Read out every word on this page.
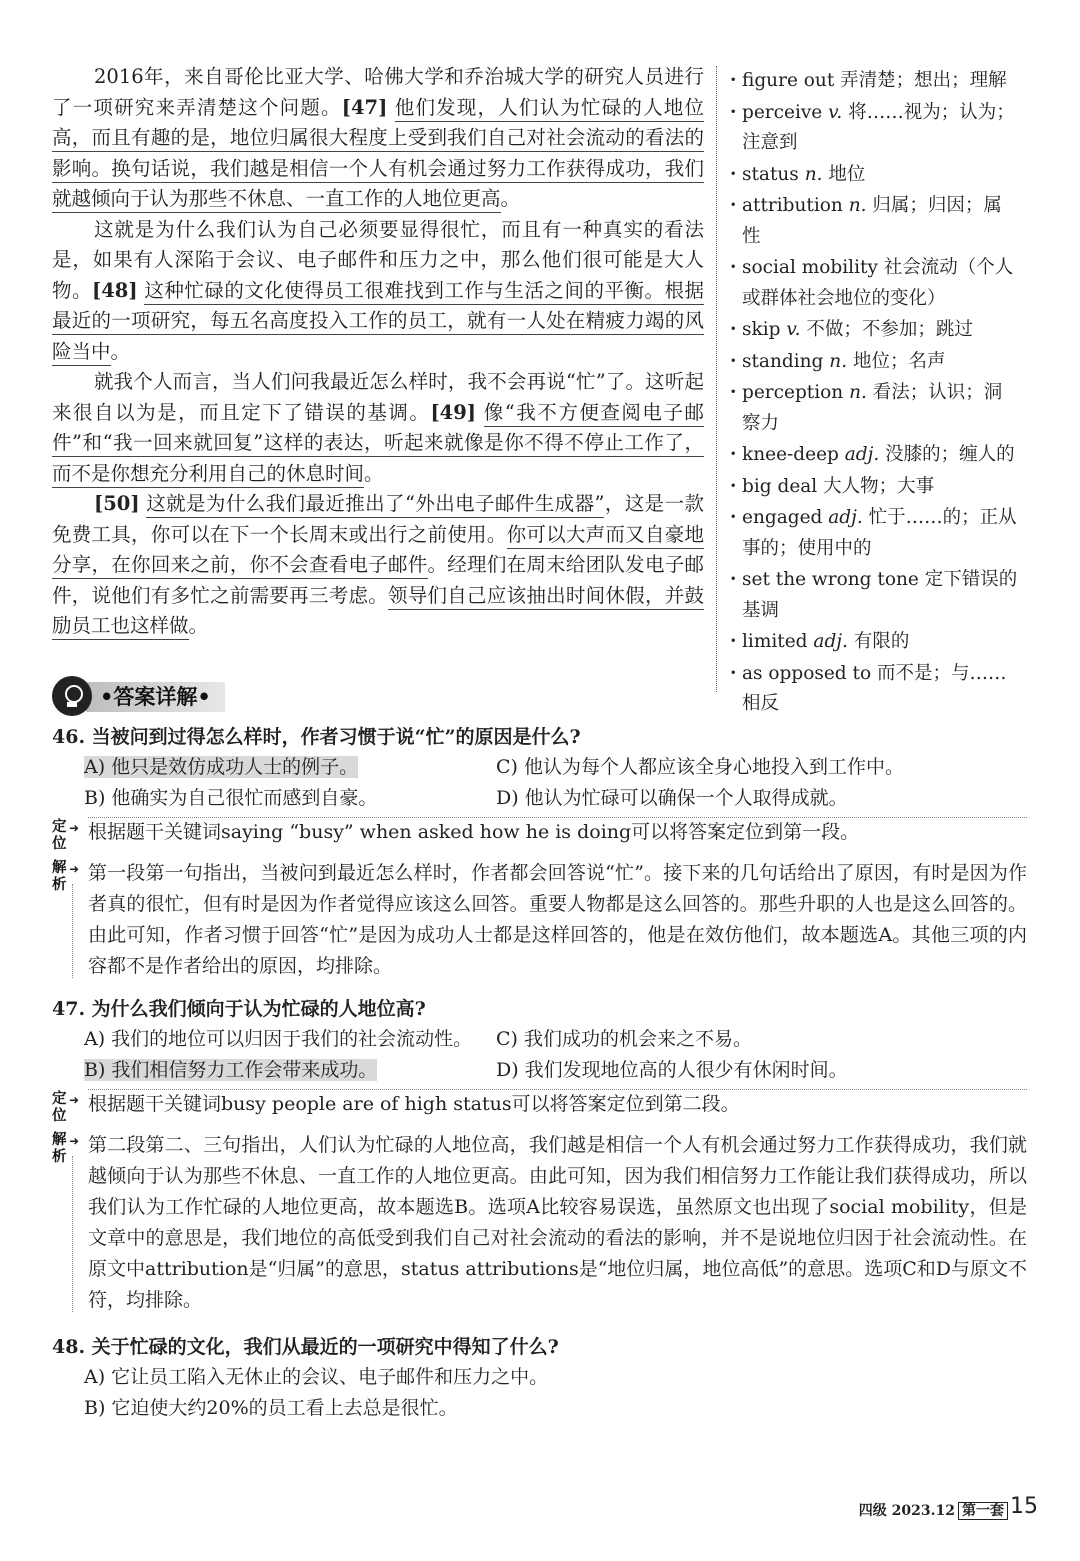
2016年，来自哥伦比亚大学、哈佛大学和乔治城大学的研究人员进行了一项研究来弄清楚这个问题。[47] 他们发现，人们认为忙碌的人地位高，而且有趣的是，地位归属很大程度上受到我们自己对社会流动的看法的影响。换句话说，我们越是相信一个人有机会通过努力工作获得成功，我们就越倾向于认为那些不休息、一直工作的人地位更高。

这就是为什么我们认为自己必须要显得很忙，而且有一种真实的看法是，如果有人深陷于会议、电子邮件和压力之中，那么他们很可能是大人物。[48] 这种忙碌的文化使得员工很难找到工作与生活之间的平衡。根据最近的一项研究，每五名高度投入工作的员工，就有一人处在精疲力竭的风险当中。

就我个人而言，当人们问我最近怎么样时，我不会再说“忙”了。这听起来很自以为是，而且定下了错误的基调。[49] 像“我不方便查阅电子邮件”和“我一回来就回复”这样的表达，听起来就像是你不得不停止工作了，而不是你想充分利用自己的休息时间。

[50] 这就是为什么我们最近推出了“外出电子邮件生成器”，这是一款免费工具，你可以在下一个长周末或出行之前使用。你可以大声而又自豪地分享，在你回来之前，你不会查看电子邮件。经理们在周末给团队发电子邮件，说他们有多忙之前需要再三考虑。领导们自己应该抽出时间休假，并鼓励员工也这样做。

· figure out 弄清楚；想出；理解
· perceive v. 将……视为；认为；注意到
· status n. 地位
· attribution n. 归属；归因；属性
· social mobility 社会流动（个人或群体社会地位的变化）
· skip v. 不做；不参加；跳过
· standing n. 地位；名声
· perception n. 看法；认识；洞察力
· knee-deep adj. 没膝的；缠人的
· big deal 大人物；大事
· engaged adj. 忙于……的；正从事的；使用中的
· set the wrong tone 定下错误的基调
· limited adj. 有限的
· as opposed to 而不是；与……相反
•答案详解•
46. 当被问到过得怎么样时，作者习惯于说“忙”的原因是什么?
A) 他只是效仿成功人士的例子。	C) 他认为每个人都应该全身心地投入到工作中。
B) 他确实为自己很忙而感到自豪。	D) 他认为忙碌可以确保一个人取得成就。
定位
➜ 根据题干关键词saying “busy” when asked how he is doing可以将答案定位到第一段。
解析
➜ 第一段第一句指出，当被问到最近怎么样时，作者都会回答说“忙”。接下来的几句话给出了原因，有时是因为作者真的很忙，但有时是因为作者觉得应该这么回答。重要人物都是这么回答的。那些升职的人也是这么回答的。由此可知，作者习惯于回答“忙”是因为成功人士都是这样回答的，他是在效仿他们，故本题选A。其他三项的内容都不是作者给出的原因，均排除。
47. 为什么我们倾向于认为忙碌的人地位高?
A) 我们的地位可以归因于我们的社会流动性。	C) 我们成功的机会来之不易。
B) 我们相信努力工作会带来成功。	D) 我们发现地位高的人很少有休闲时间。
定位
➜ 根据题干关键词busy people are of high status可以将答案定位到第二段。
解析
➜ 第二段第二、三句指出，人们认为忙碌的人地位高，我们越是相信一个人有机会通过努力工作获得成功，我们就越倾向于认为那些不休息、一直工作的人地位更高。由此可知，因为我们相信努力工作能让我们获得成功，所以我们认为工作忙碌的人地位更高，故本题选B。选项A比较容易误选，虽然原文也出现了social mobility，但是文章中的意思是，我们地位的高低受到我们自己对社会流动的看法的影响，并不是说地位归因于社会流动性。在原文中attribution是“归属”的意思，status attributions是“地位归属，地位高低”的意思。选项C和D与原文不符，均排除。
48. 关于忙碌的文化，我们从最近的一项研究中得知了什么?
A) 它让员工陷入无休止的会议、电子邮件和压力之中。
B) 它迫使大约20%的员工看上去总是很忙。
四级 2023.12 第一套 15
